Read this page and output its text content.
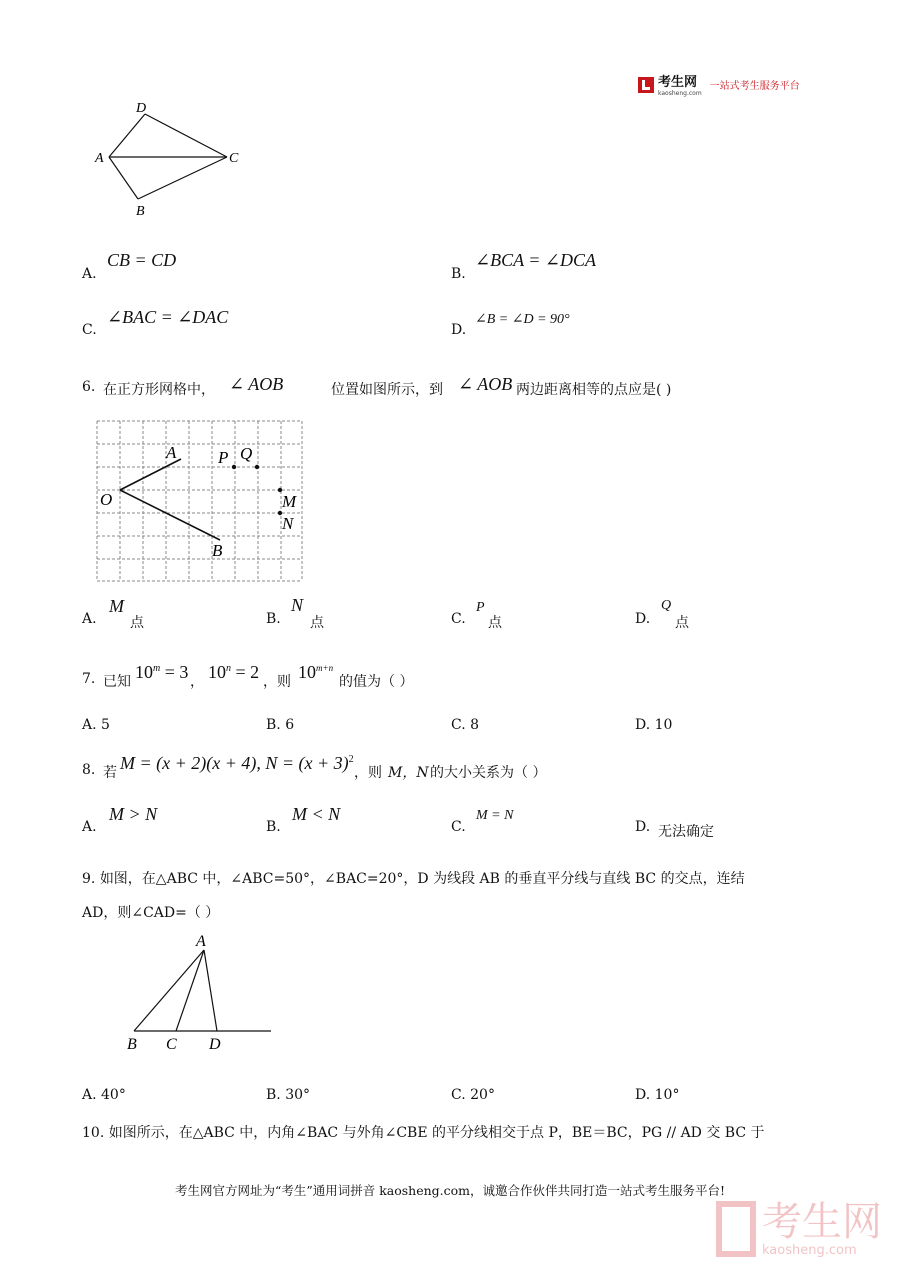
考生网
kaosheng.com
一站式考生服务平台
D
A	C
B
A.
CB = CD
B.
∠BCA = ∠DCA
C.
∠BAC = ∠DAC
D.
∠B = ∠D = 90°
6. 在正方形网格中， ∠ AOB	位置如图所示，到 ∠ AOB 两边距离相等的点应是( )
A
O
B
P Q
M
N
A.
M
点	B.
N
点	C.
P
点	D.
Q
点
7. 已知 $10^m = 3$ ， $10^n = 2$ ，则 $10^{m+n}$
的值为（ ）
A. 5	B. 6	C. 8	D. 10
8. 若 M = (x + 2)(x + 4), $N = (x + 3)^2$
，则 M，N 的大小关系为（ ）
A.
M > N
B.
M < N
C.
M = N
D. 无法确定
9. 如图，在△ABC 中，∠ABC=50°，∠BAC=20°，D 为线段 AB 的垂直平分线与直线 BC 的交点，连结
AD，则∠CAD=（ ）
A
B C D
A. 40°	B. 30°	C. 20°	D. 10°
10. 如图所示，在△ABC 中，内角∠BAC 与外角∠CBE 的平分线相交于点 P，BE＝BC，PG // AD 交 BC 于
考生网官方网址为“考生”通用词拼音 kaosheng.com，诚邀合作伙伴共同打造一站式考生服务平台!
考生网
kaosheng.com
